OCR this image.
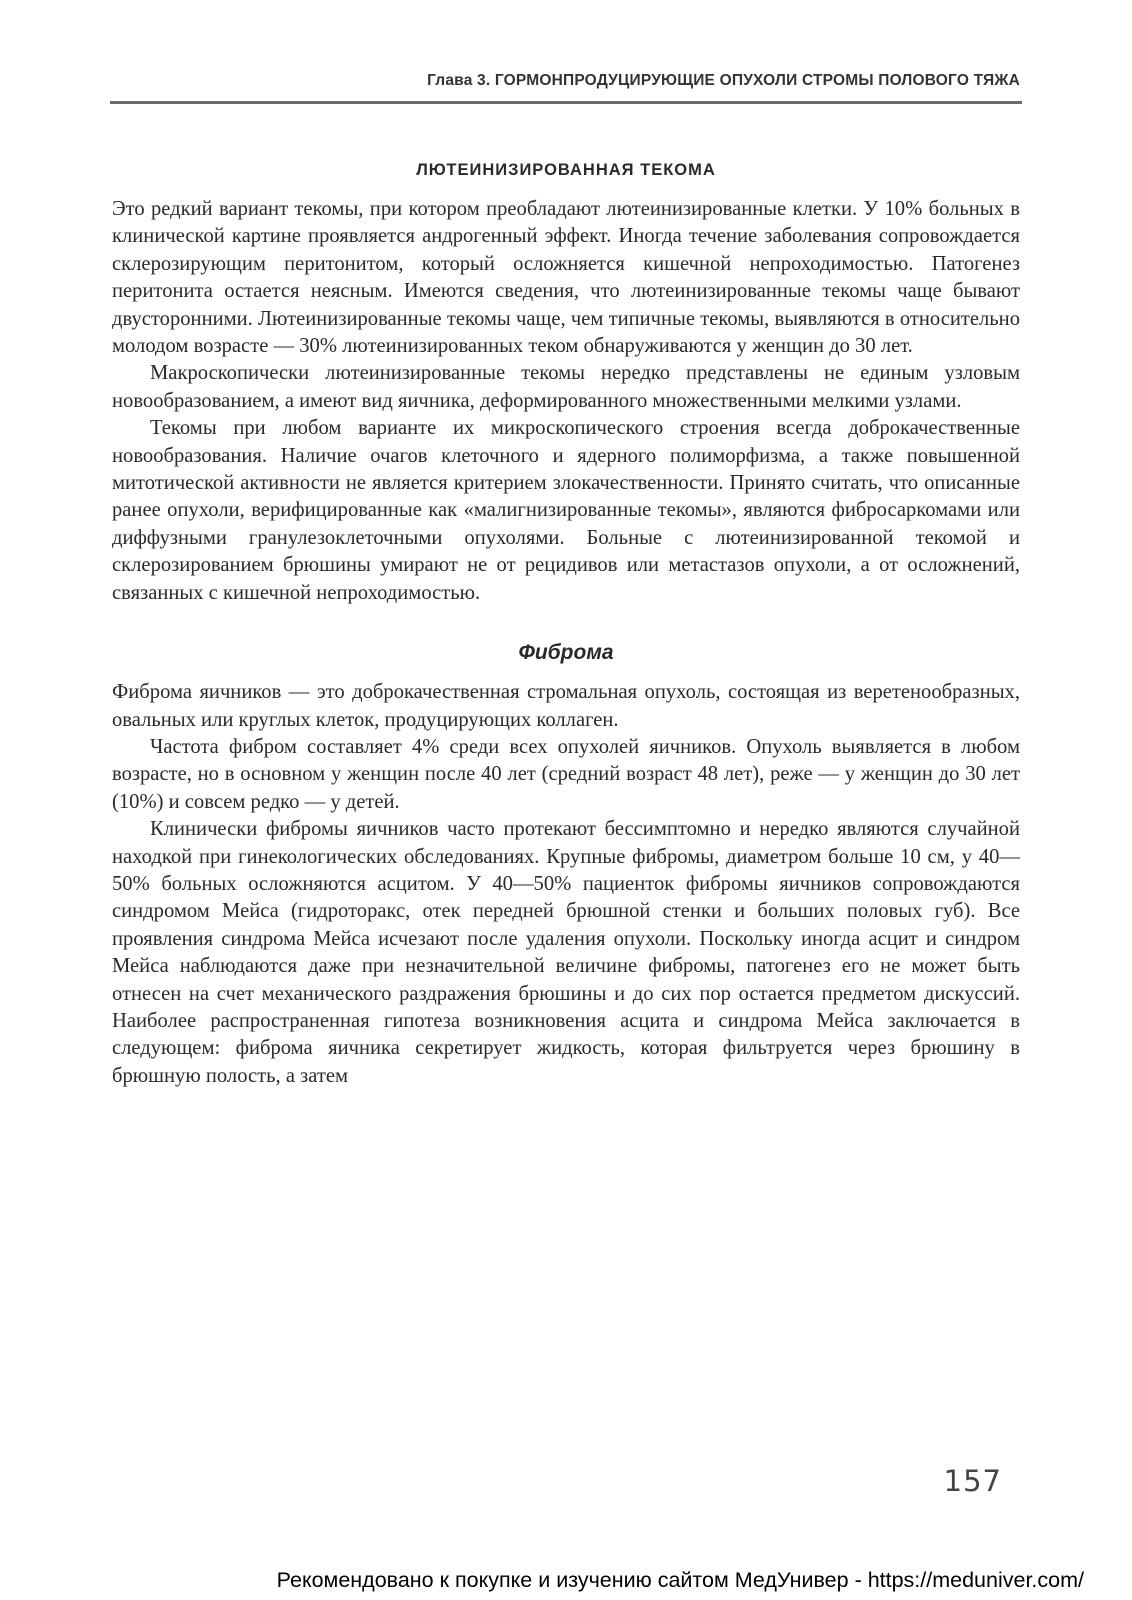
Глава 3. ГОРМОНПРОДУЦИРУЮЩИЕ ОПУХОЛИ СТРОМЫ ПОЛОВОГО ТЯЖА
ЛЮТЕИНИЗИРОВАННАЯ ТЕКОМА

Это редкий вариант текомы, при котором преобладают лютеинизированные клетки. У 10% больных в клинической картине проявляется андрогенный эффект. Иногда течение заболевания сопровождается склерозирующим перитонитом, который осложняется кишечной непроходимостью. Патогенез перитонита остается неясным. Имеются сведения, что лютеинизированные текомы чаще бывают двусторонними. Лютеинизированные текомы чаще, чем типичные текомы, выявляются в относительно молодом возрасте — 30% лютеинизированных теком обнаруживаются у женщин до 30 лет.

Макроскопически лютеинизированные текомы нередко представлены не единым узловым новообразованием, а имеют вид яичника, деформированного множественными мелкими узлами.

Текомы при любом варианте их микроскопического строения всегда доброкачественные новообразования. Наличие очагов клеточного и ядерного полиморфизма, а также повышенной митотической активности не является критерием злокачественности. Принято считать, что описанные ранее опухоли, верифицированные как «малигнизированные текомы», являются фибросаркомами или диффузными гранулезоклеточными опухолями. Больные с лютеинизированной текомой и склерозированием брюшины умирают не от рецидивов или метастазов опухоли, а от осложнений, связанных с кишечной непроходимостью.

Фиброма

Фиброма яичников — это доброкачественная стромальная опухоль, состоящая из веретенообразных, овальных или круглых клеток, продуцирующих коллаген.

Частота фибром составляет 4% среди всех опухолей яичников. Опухоль выявляется в любом возрасте, но в основном у женщин после 40 лет (средний возраст 48 лет), реже — у женщин до 30 лет (10%) и совсем редко — у детей.

Клинически фибромы яичников часто протекают бессимптомно и нередко являются случайной находкой при гинекологических обследованиях. Крупные фибромы, диаметром больше 10 см, у 40—50% больных осложняются асцитом. У 40—50% пациенток фибромы яичников сопровождаются синдромом Мейса (гидроторакс, отек передней брюшной стенки и больших половых губ). Все проявления синдрома Мейса исчезают после удаления опухоли. Поскольку иногда асцит и синдром Мейса наблюдаются даже при незначительной величине фибромы, патогенез его не может быть отнесен на счет механического раздражения брюшины и до сих пор остается предметом дискуссий. Наиболее распространенная гипотеза возникновения асцита и синдрома Мейса заключается в следующем: фиброма яичника секретирует жидкость, которая фильтруется через брюшину в брюшную полость, а затем

157
Рекомендовано к покупке и изучению сайтом МедУнивер - https://meduniver.com/
